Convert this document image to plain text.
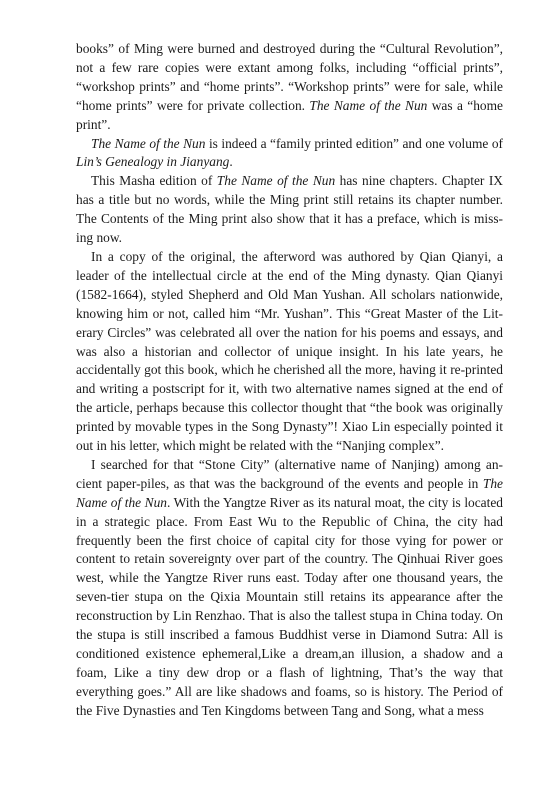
books” of Ming were burned and destroyed during the “Cultural Revolution”, not a few rare copies were extant among folks, including “official prints”, “workshop prints” and “home prints”. “Workshop prints” were for sale, while “home prints” were for private collection. The Name of the Nun was a “home print”.

The Name of the Nun is indeed a “family printed edition” and one volume of Lin’s Genealogy in Jianyang.

This Masha edition of The Name of the Nun has nine chapters. Chapter IX has a title but no words, while the Ming print still retains its chapter number. The Contents of the Ming print also show that it has a preface, which is missing now.

In a copy of the original, the afterword was authored by Qian Qianyi, a leader of the intellectual circle at the end of the Ming dynasty. Qian Qianyi (1582-1664), styled Shepherd and Old Man Yushan. All scholars nationwide, knowing him or not, called him “Mr. Yushan”. This “Great Master of the Literary Circles” was celebrated all over the nation for his poems and essays, and was also a historian and collector of unique insight. In his late years, he accidentally got this book, which he cherished all the more, having it re-printed and writing a postscript for it, with two alternative names signed at the end of the article, perhaps because this collector thought that “the book was originally printed by movable types in the Song Dynasty”! Xiao Lin especially pointed it out in his letter, which might be related with the “Nanjing complex”.

I searched for that “Stone City” (alternative name of Nanjing) among ancient paper-piles, as that was the background of the events and people in The Name of the Nun. With the Yangtze River as its natural moat, the city is located in a strategic place. From East Wu to the Republic of China, the city had frequently been the first choice of capital city for those vying for power or content to retain sovereignty over part of the country. The Qinhuai River goes west, while the Yangtze River runs east. Today after one thousand years, the seven-tier stupa on the Qixia Mountain still retains its appearance after the reconstruction by Lin Renzhao. That is also the tallest stupa in China today. On the stupa is still inscribed a famous Buddhist verse in Diamond Sutra: All is conditioned existence ephemeral,Like a dream,an illusion, a shadow and a foam, Like a tiny dew drop or a flash of lightning, That’s the way that everything goes.” All are like shadows and foams, so is history. The Period of the Five Dynasties and Ten Kingdoms between Tang and Song, what a mess
